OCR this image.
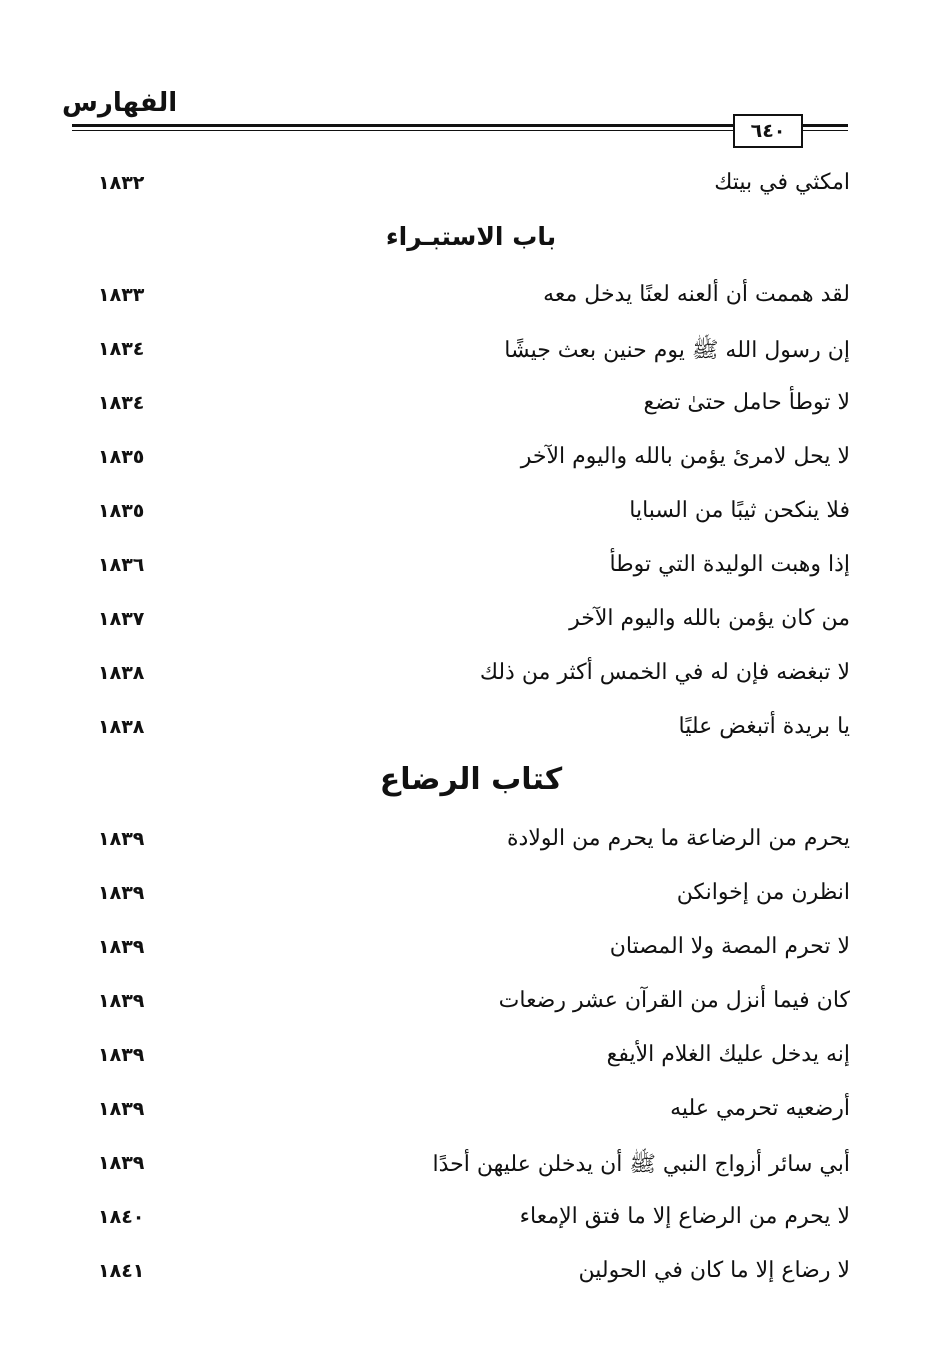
الفهارس
٦٤٠
امكثي في بيتك
١٨٣٢
باب الاستبـراء
لقد هممت أن ألعنه لعنًا يدخل معه
١٨٣٣
إن رسول الله ﷺ يوم حنين بعث جيشًا
١٨٣٤
لا توطأ حامل حتىٰ تضع
١٨٣٤
لا يحل لامرئ يؤمن بالله واليوم الآخر
١٨٣٥
فلا ينكحن ثيبًا من السبايا
١٨٣٥
إذا وهبت الوليدة التي توطأ
١٨٣٦
من كان يؤمن بالله واليوم الآخر
١٨٣٧
لا تبغضه فإن له في الخمس أكثر من ذلك
١٨٣٨
يا بريدة أتبغض عليًا
١٨٣٨
كتاب الرضاع
يحرم من الرضاعة ما يحرم من الولادة
١٨٣٩
انظرن من إخوانكن
١٨٣٩
لا تحرم المصة ولا المصتان
١٨٣٩
كان فيما أنزل من القرآن عشر رضعات
١٨٣٩
إنه يدخل عليك الغلام الأيفع
١٨٣٩
أرضعيه تحرمي عليه
١٨٣٩
أبي سائر أزواج النبي ﷺ أن يدخلن عليهن أحدًا
١٨٣٩
لا يحرم من الرضاع إلا ما فتق الإمعاء
١٨٤٠
لا رضاع إلا ما كان في الحولين
١٨٤١
